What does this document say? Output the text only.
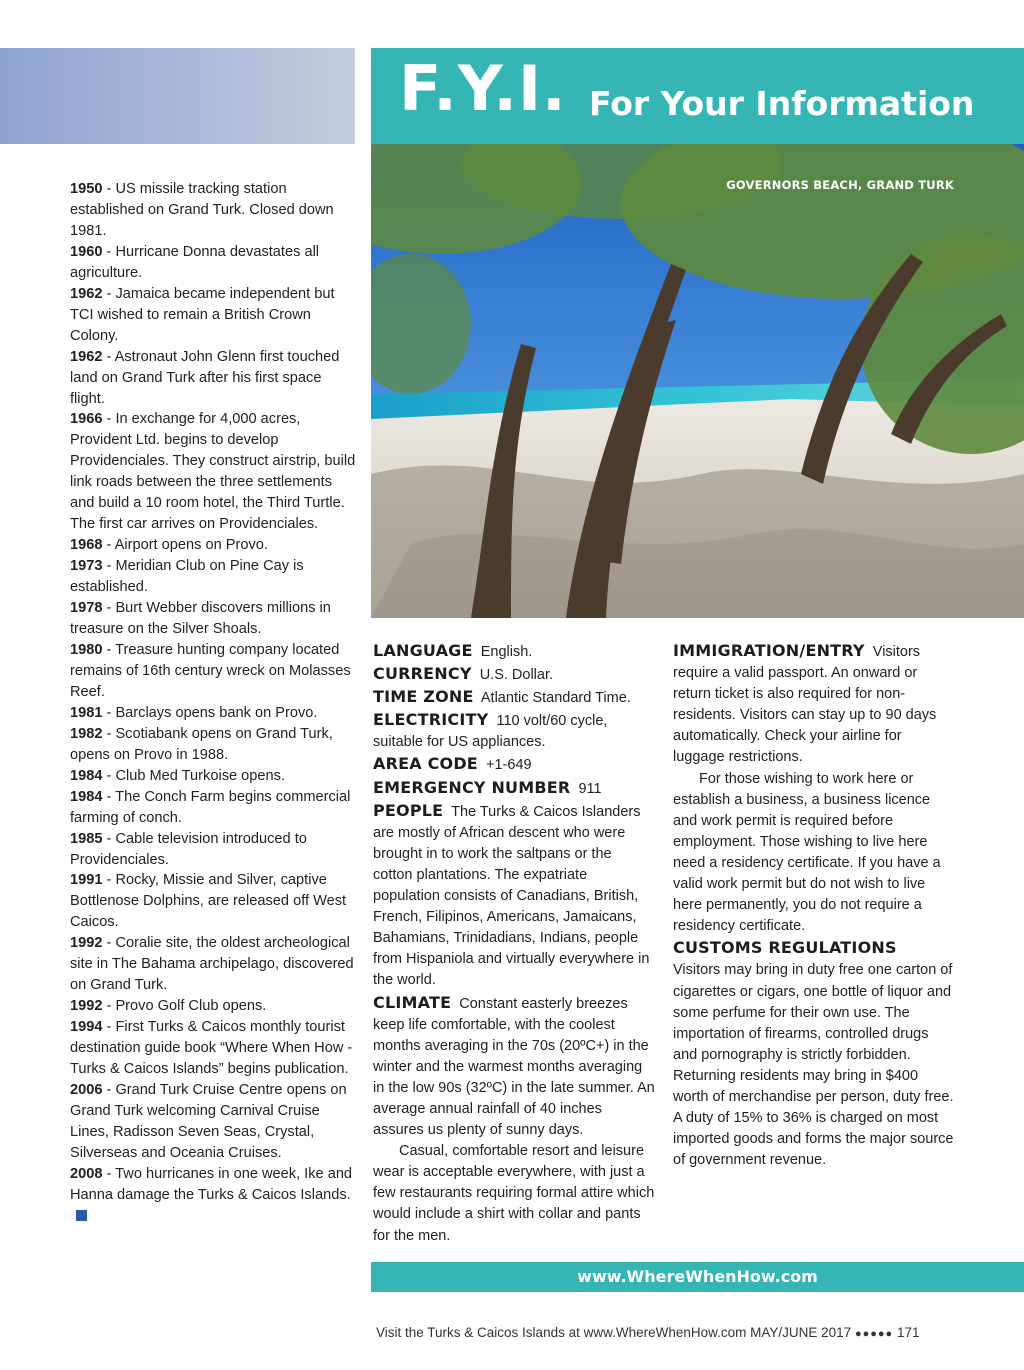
F.Y.I. For Your Information

1950 - US missile tracking station established on Grand Turk. Closed down 1981.

1960 - Hurricane Donna devastates all agriculture.

1962 - Jamaica became independent but TCI wished to remain a British Crown Colony.

1962 - Astronaut John Glenn first touched land on Grand Turk after his first space flight.

1966 - In exchange for 4,000 acres, Provident Ltd. begins to develop Providenciales. They construct airstrip, build link roads between the three settlements and build a 10 room hotel, the Third Turtle. The first car arrives on Providenciales.

1968 - Airport opens on Provo.

1973 - Meridian Club on Pine Cay is established.

1978 - Burt Webber discovers millions in treasure on the Silver Shoals.

1980 - Treasure hunting company located remains of 16th century wreck on Molasses Reef.

1981 - Barclays opens bank on Provo.

1982 - Scotiabank opens on Grand Turk, opens on Provo in 1988.

1984 - Club Med Turkoise opens.

1984 - The Conch Farm begins commercial farming of conch.

1985 - Cable television introduced to Providenciales.

1991 - Rocky, Missie and Silver, captive Bottlenose Dolphins, are released off West Caicos.

1992 - Coralie site, the oldest archeological site in The Bahama archipelago, discovered on Grand Turk.

1992 - Provo Golf Club opens.

1994 - First Turks & Caicos monthly tourist destination guide book “Where When How - Turks & Caicos Islands” begins publication.

2006 - Grand Turk Cruise Centre opens on Grand Turk welcoming Carnival Cruise Lines, Radisson Seven Seas, Crystal, Silverseas and Oceania Cruises.

2008 - Two hurricanes in one week, Ike and Hanna damage the Turks & Caicos Islands.

GOVERNORS BEACH, GRAND TURK

LANGUAGE English.

CURRENCY U.S. Dollar.

TIME ZONE Atlantic Standard Time.

ELECTRICITY 110 volt/60 cycle, suitable for US appliances.

AREA CODE +1-649

EMERGENCY NUMBER 911

PEOPLE The Turks & Caicos Islanders are mostly of African descent who were brought in to work the saltpans or the cotton plantations. The expatriate population consists of Canadians, British, French, Filipinos, Americans, Jamaicans, Bahamians, Trinidadians, Indians, people from Hispaniola and virtually everywhere in the world.

CLIMATE Constant easterly breezes keep life comfortable, with the coolest months averaging in the 70s (20ºC+) in the winter and the warmest months averaging in the low 90s (32ºC) in the late summer. An average annual rainfall of 40 inches assures us plenty of sunny days.

Casual, comfortable resort and leisure wear is acceptable everywhere, with just a few restaurants requiring formal attire which would include a shirt with collar and pants for the men.

IMMIGRATION/ENTRY Visitors require a valid passport. An onward or return ticket is also required for non-residents. Visitors can stay up to 90 days automatically. Check your airline for luggage restrictions.

For those wishing to work here or establish a business, a business licence and work permit is required before employment. Those wishing to live here need a residency certificate. If you have a valid work permit but do not wish to live here permanently, you do not require a residency certificate.

CUSTOMS REGULATIONS

Visitors may bring in duty free one carton of cigarettes or cigars, one bottle of liquor and some perfume for their own use. The importation of firearms, controlled drugs and pornography is strictly forbidden. Returning residents may bring in $400 worth of merchandise per person, duty free. A duty of 15% to 36% is charged on most imported goods and forms the major source of government revenue.

www.WhereWhenHow.com
Visit the Turks & Caicos Islands at www.WhereWhenHow.com MAY/JUNE 2017 ●●●●● 171
